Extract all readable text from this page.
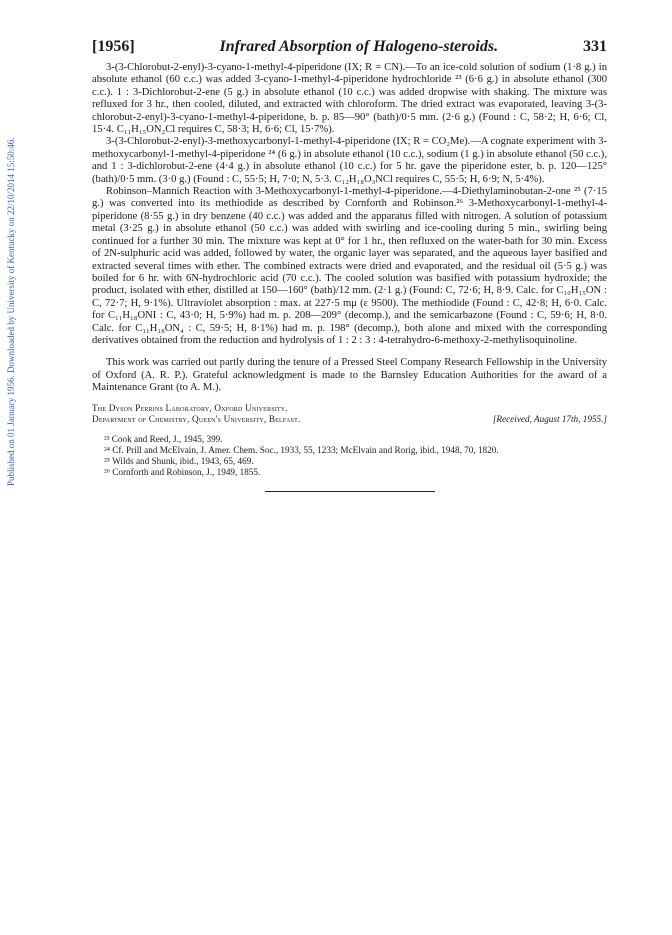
Published on 01 January 1956. Downloaded by University of Kentucky on 22/10/2014 15:50:46.
[1956]	Infrared Absorption of Halogeno-steroids.	331

3-(3-Chlorobut-2-enyl)-3-cyano-1-methyl-4-piperidone (IX; R = CN).—To an ice-cold solution of sodium (1·8 g.) in absolute ethanol (60 c.c.) was added 3-cyano-1-methyl-4-piperidone hydrochloride ²³ (6·6 g.) in absolute ethanol (300 c.c.). 1 : 3-Dichlorobut-2-ene (5 g.) in absolute ethanol (10 c.c.) was added dropwise with shaking. The mixture was refluxed for 3 hr., then cooled, diluted, and extracted with chloroform. The dried extract was evaporated, leaving 3-(3-chlorobut-2-enyl)-3-cyano-1-methyl-4-piperidone, b. p. 85—90° (bath)/0·5 mm. (2·6 g.) (Found : C, 58·2; H, 6·6; Cl, 15·4. C₁₁H₁₅ON₂Cl requires C, 58·3; H, 6·6; Cl, 15·7%).

3-(3-Chlorobut-2-enyl)-3-methoxycarbonyl-1-methyl-4-piperidone (IX; R = CO₂Me).—A cognate experiment with 3-methoxycarbonyl-1-methyl-4-piperidone ²⁴ (6 g.) in absolute ethanol (10 c.c.), sodium (1 g.) in absolute ethanol (50 c.c.), and 1 : 3-dichlorobut-2-ene (4·4 g.) in absolute ethanol (10 c.c.) for 5 hr. gave the piperidone ester, b. p. 120—125° (bath)/0·5 mm. (3·0 g.) (Found : C, 55·5; H, 7·0; N, 5·3. C₁₂H₁₈O₃NCl requires C, 55·5; H, 6·9; N, 5·4%).

Robinson–Mannich Reaction with 3-Methoxycarbonyl-1-methyl-4-piperidone.—4-Diethylaminobutan-2-one ²⁵ (7·15 g.) was converted into its methiodide as described by Cornforth and Robinson.²⁶ 3-Methoxycarbonyl-1-methyl-4-piperidone (8·55 g.) in dry benzene (40 c.c.) was added and the apparatus filled with nitrogen. A solution of potassium metal (3·25 g.) in absolute ethanol (50 c.c.) was added with swirling and ice-cooling during 5 min., swirling being continued for a further 30 min. The mixture was kept at 0° for 1 hr., then refluxed on the water-bath for 30 min. Excess of 2N-sulphuric acid was added, followed by water, the organic layer was separated, and the aqueous layer basified and extracted several times with ether. The combined extracts were dried and evaporated, and the residual oil (5·5 g.) was boiled for 6 hr. with 6N-hydrochloric acid (70 c.c.). The cooled solution was basified with potassium hydroxide; the product, isolated with ether, distilled at 150—160° (bath)/12 mm. (2·1 g.) (Found: C, 72·6; H, 8·9. Calc. for C₁₀H₁₅ON : C, 72·7; H, 9·1%). Ultraviolet absorption : max. at 227·5 mμ (ε 9500). The methiodide (Found : C, 42·8; H, 6·0. Calc. for C₁₁H₁₈ONI : C, 43·0; H, 5·9%) had m. p. 208—209° (decomp.), and the semicarbazone (Found : C, 59·6; H, 8·0. Calc. for C₁₁H₁₈ON₄ : C, 59·5; H, 8·1%) had m. p. 198° (decomp.), both alone and mixed with the corresponding derivatives obtained from the reduction and hydrolysis of 1 : 2 : 3 : 4-tetrahydro-6-methoxy-2-methylisoquinoline.

This work was carried out partly during the tenure of a Pressed Steel Company Research Fellowship in the University of Oxford (A. R. P.). Grateful acknowledgment is made to the Barnsley Education Authorities for the award of a Maintenance Grant (to A. M.).

The Dyson Perrins Laboratory, Oxford University.
Department of Chemistry, Queen's University, Belfast.	[Received, August 17th, 1955.]
²³ Cook and Reed, J., 1945, 399.
²⁴ Cf. Prill and McElvain, J. Amer. Chem. Soc., 1933, 55, 1233; McElvain and Rorig, ibid., 1948, 70, 1820.
²⁵ Wilds and Shunk, ibid., 1943, 65, 469.
²⁶ Cornforth and Robinson, J., 1949, 1855.
